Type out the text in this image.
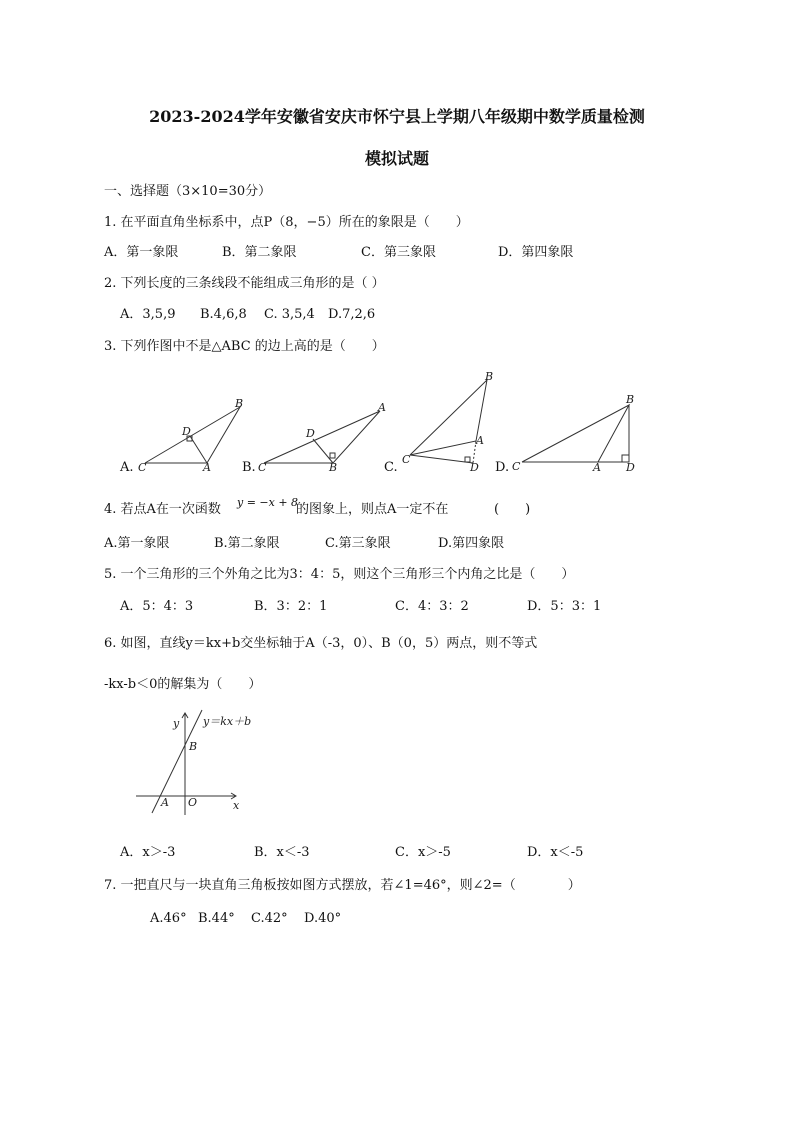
2023-2024学年安徽省安庆市怀宁县上学期八年级期中数学质量检测
模拟试题
一、选择题（3×10=30分）
1. 在平面直角坐标系中，点P（8，−5）所在的象限是（　　）
A．第一象限	B．第二象限	C．第三象限	D．第四象限
2. 下列长度的三条线段不能组成三角形的是（ ）
A．3,5,9 B.4,6,8 C. 3,5,4 D.7,2,6
3. 下列作图中不是△ABC 的边上高的是（　　）
B
D
C	A
A
D
C	B
B
A
C
D
B
C	A D
A.	B.	C.	D.
4. 若点A在一次函数 y = −x + 8
的图象上，则点A一定不在	(　　)
A.第一象限	B.第二象限	C.第三象限	D.第四象限
5. 一个三角形的三个外角之比为3：4：5，则这个三角形三个内角之比是（　　）
A．5：4：3	B．3：2：1	C．4：3：2	D．5：3：1
6. 如图，直线y＝kx+b交坐标轴于A（-3，0）、B（0，5）两点，则不等式
-kx-b＜0的解集为（　　）
y y＝kx＋b
B
A O	x
A．x＞-3	B．x＜-3	C．x＞-5	D．x＜-5
7. 一把直尺与一块直角三角板按如图方式摆放，若∠1=46°，则∠2=（　　　　）
A.46° B.44° C.42° D.40°
